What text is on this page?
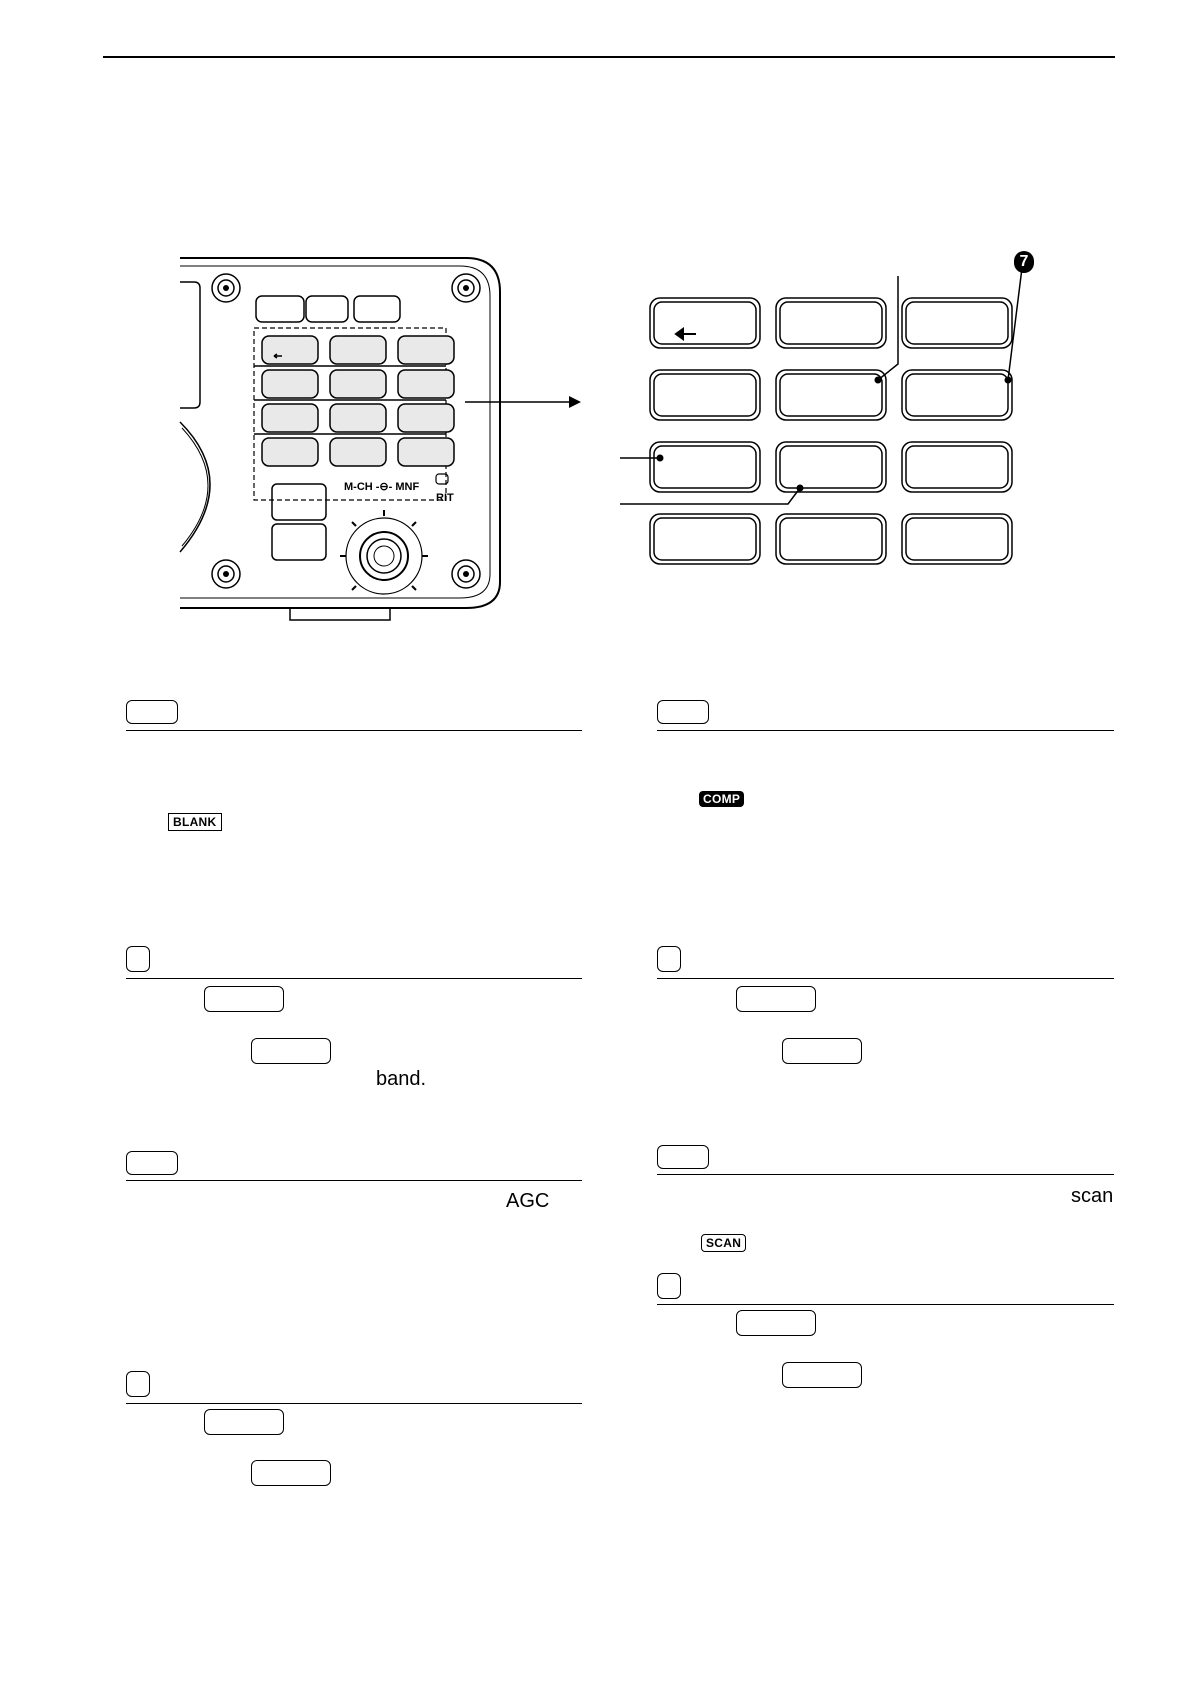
M-CH -⊖- MNF
RIT
7
BLANK
band.
AGC
COMP
scan
SCAN
